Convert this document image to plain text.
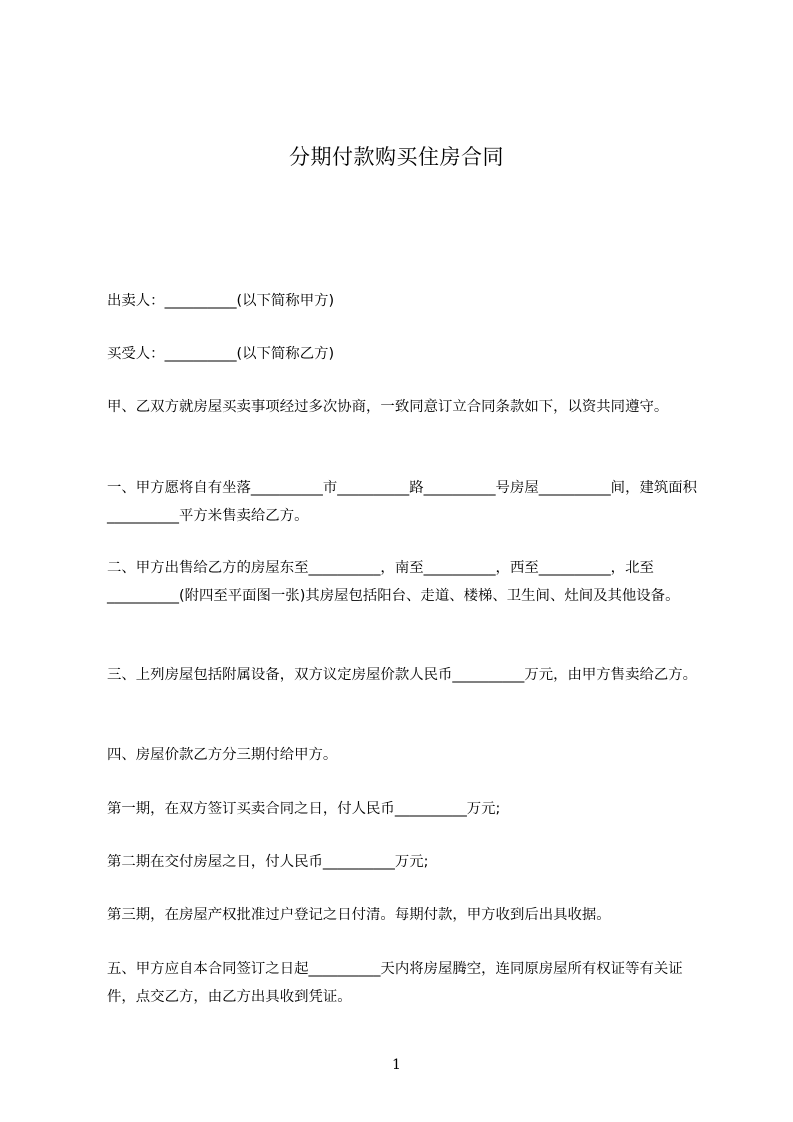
分期付款购买住房合同
出卖人：__________(以下简称甲方)
买受人：__________(以下简称乙方)
甲、乙双方就房屋买卖事项经过多次协商，一致同意订立合同条款如下，以资共同遵守。
一、甲方愿将自有坐落__________市__________路__________号房屋__________间，建筑面积__________平方米售卖给乙方。
二、甲方出售给乙方的房屋东至__________，南至__________，西至__________，北至__________(附四至平面图一张)其房屋包括阳台、走道、楼梯、卫生间、灶间及其他设备。
三、上列房屋包括附属设备，双方议定房屋价款人民币__________万元，由甲方售卖给乙方。
四、房屋价款乙方分三期付给甲方。
第一期，在双方签订买卖合同之日，付人民币__________万元;
第二期在交付房屋之日，付人民币__________万元;
第三期，在房屋产权批准过户登记之日付清。每期付款，甲方收到后出具收据。
五、甲方应自本合同签订之日起__________天内将房屋腾空，连同原房屋所有权证等有关证件，点交乙方，由乙方出具收到凭证。
1
